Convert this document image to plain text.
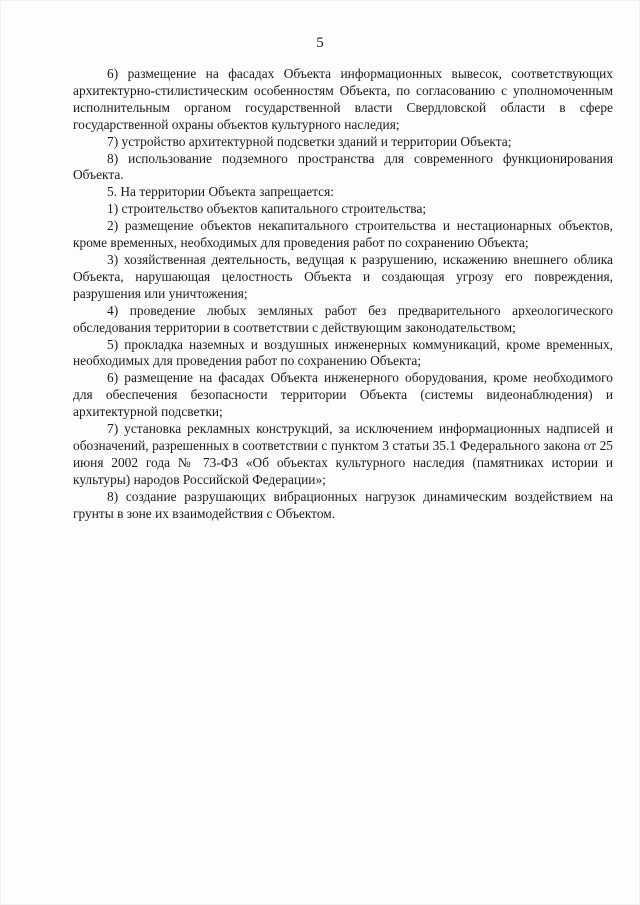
5

6) размещение на фасадах Объекта информационных вывесок, соответствующих архитектурно-стилистическим особенностям Объекта, по согласованию с уполномоченным исполнительным органом государственной власти Свердловской области в сфере государственной охраны объектов культурного наследия;

7) устройство архитектурной подсветки зданий и территории Объекта;

8) использование подземного пространства для современного функционирования Объекта.

5. На территории Объекта запрещается:

1) строительство объектов капитального строительства;

2) размещение объектов некапитального строительства и нестационарных объектов, кроме временных, необходимых для проведения работ по сохранению Объекта;

3) хозяйственная деятельность, ведущая к разрушению, искажению внешнего облика Объекта, нарушающая целостность Объекта и создающая угрозу его повреждения, разрушения или уничтожения;

4) проведение любых земляных работ без предварительного археологического обследования территории в соответствии с действующим законодательством;

5) прокладка наземных и воздушных инженерных коммуникаций, кроме временных, необходимых для проведения работ по сохранению Объекта;

6) размещение на фасадах Объекта инженерного оборудования, кроме необходимого для обеспечения безопасности территории Объекта (системы видеонаблюдения) и архитектурной подсветки;

7) установка рекламных конструкций, за исключением информационных надписей и обозначений, разрешенных в соответствии с пунктом 3 статьи 35.1 Федерального закона от 25 июня 2002 года № 73-ФЗ «Об объектах культурного наследия (памятниках истории и культуры) народов Российской Федерации»;

8) создание разрушающих вибрационных нагрузок динамическим воздействием на грунты в зоне их взаимодействия с Объектом.
